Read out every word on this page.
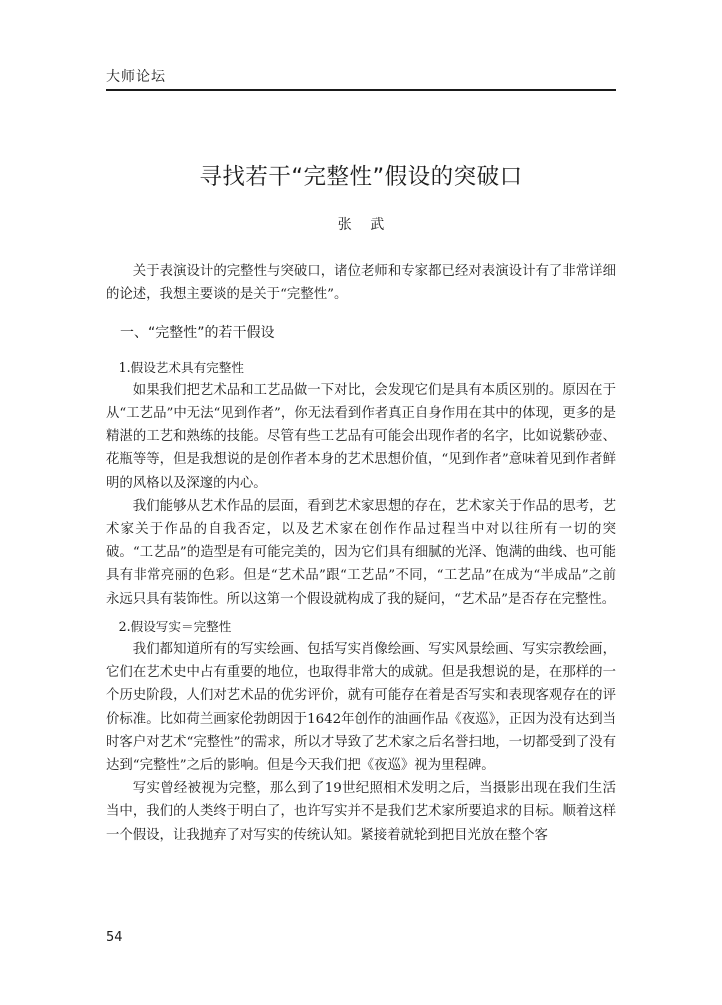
大师论坛
寻找若干“完整性”假设的突破口
张 武

关于表演设计的完整性与突破口，诸位老师和专家都已经对表演设计有了非常详细的论述，我想主要谈的是关于“完整性”。

一、“完整性”的若干假设

1.假设艺术具有完整性

如果我们把艺术品和工艺品做一下对比，会发现它们是具有本质区别的。原因在于从“工艺品”中无法“见到作者”，你无法看到作者真正自身作用在其中的体现，更多的是精湛的工艺和熟练的技能。尽管有些工艺品有可能会出现作者的名字，比如说紫砂壶、花瓶等等，但是我想说的是创作者本身的艺术思想价值，“见到作者”意味着见到作者鲜明的风格以及深邃的内心。

我们能够从艺术作品的层面，看到艺术家思想的存在，艺术家关于作品的思考，艺术家关于作品的自我否定，以及艺术家在创作作品过程当中对以往所有一切的突破。“工艺品”的造型是有可能完美的，因为它们具有细腻的光泽、饱满的曲线、也可能具有非常亮丽的色彩。但是“艺术品”跟“工艺品”不同，“工艺品”在成为“半成品”之前永远只具有装饰性。所以这第一个假设就构成了我的疑问，“艺术品”是否存在完整性。

2.假设写实＝完整性

我们都知道所有的写实绘画、包括写实肖像绘画、写实风景绘画、写实宗教绘画，它们在艺术史中占有重要的地位，也取得非常大的成就。但是我想说的是，在那样的一个历史阶段，人们对艺术品的优劣评价，就有可能存在着是否写实和表现客观存在的评价标准。比如荷兰画家伦勃朗因于1642年创作的油画作品《夜巡》，正因为没有达到当时客户对艺术“完整性”的需求，所以才导致了艺术家之后名誉扫地，一切都受到了没有达到“完整性”之后的影响。但是今天我们把《夜巡》视为里程碑。

写实曾经被视为完整，那么到了19世纪照相术发明之后，当摄影出现在我们生活当中，我们的人类终于明白了，也许写实并不是我们艺术家所要追求的目标。顺着这样一个假设，让我抛弃了对写实的传统认知。紧接着就轮到把目光放在整个客

54
